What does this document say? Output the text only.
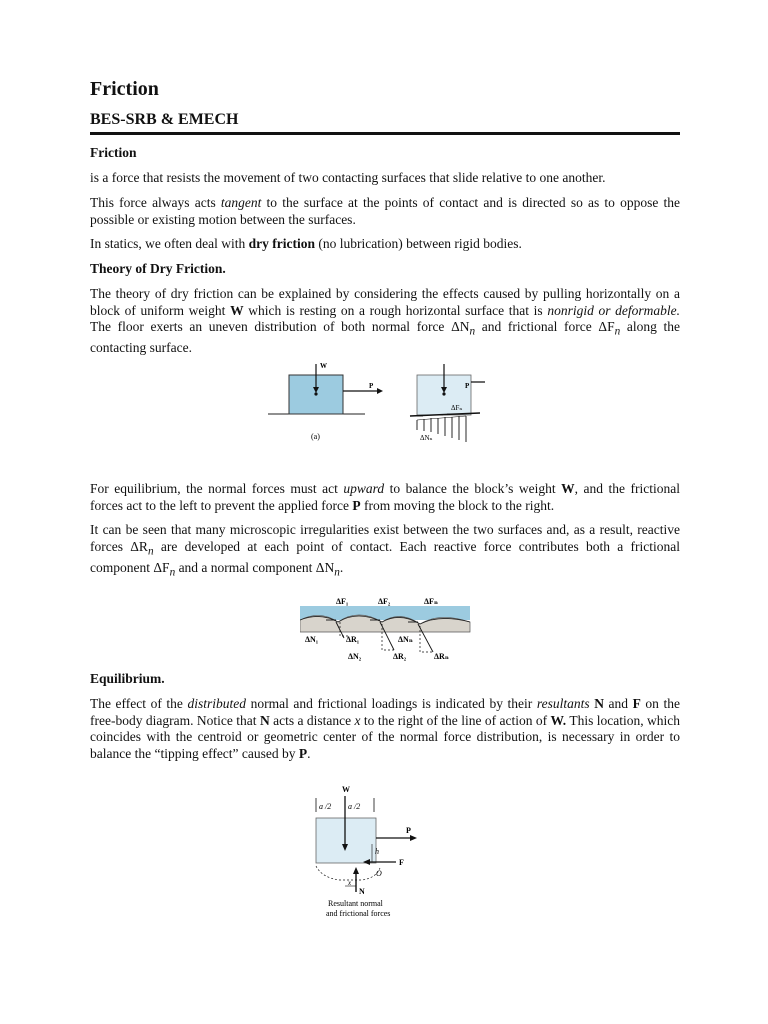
Friction
BES-SRB & EMECH

Friction

is a force that resists the movement of two contacting surfaces that slide relative to one another.

This force always acts tangent to the surface at the points of contact and is directed so as to oppose the possible or existing motion between the surfaces.

In statics, we often deal with dry friction (no lubrication) between rigid bodies.

Theory of Dry Friction.

The theory of dry friction can be explained by considering the effects caused by pulling horizontally on a block of uniform weight W which is resting on a rough horizontal surface that is nonrigid or deformable. The floor exerts an uneven distribution of both normal force $\Delta N_n$ and frictional force $\Delta F_n$ along the contacting surface.

For equilibrium, the normal forces must act upward to balance the block’s weight W, and the frictional forces act to the left to prevent the applied force P from moving the block to the right.

It can be seen that many microscopic irregularities exist between the two surfaces and, as a result, reactive forces $\Delta R_n$ are developed at each point of contact. Each reactive force contributes both a frictional component $\Delta F_n$ and a normal component $\Delta N_n$.

Equilibrium.

The effect of the distributed normal and frictional loadings is indicated by their resultants N and F on the free-body diagram. Notice that N acts a distance x to the right of the line of action of W. This location, which coincides with the centroid or geometric center of the normal force distribution, is necessary in order to balance the “tipping effect” caused by P.

W
P
(a)
P
ΔFₙ
ΔNₙ
ΔF₁	ΔF₂	ΔFₙ
ΔN₁	ΔR₁	ΔNₙ
ΔN₂	ΔR₂	ΔRₙ
W
a /2 a /2
P
F
h
O
x
N
Resultant normal
and frictional forces
